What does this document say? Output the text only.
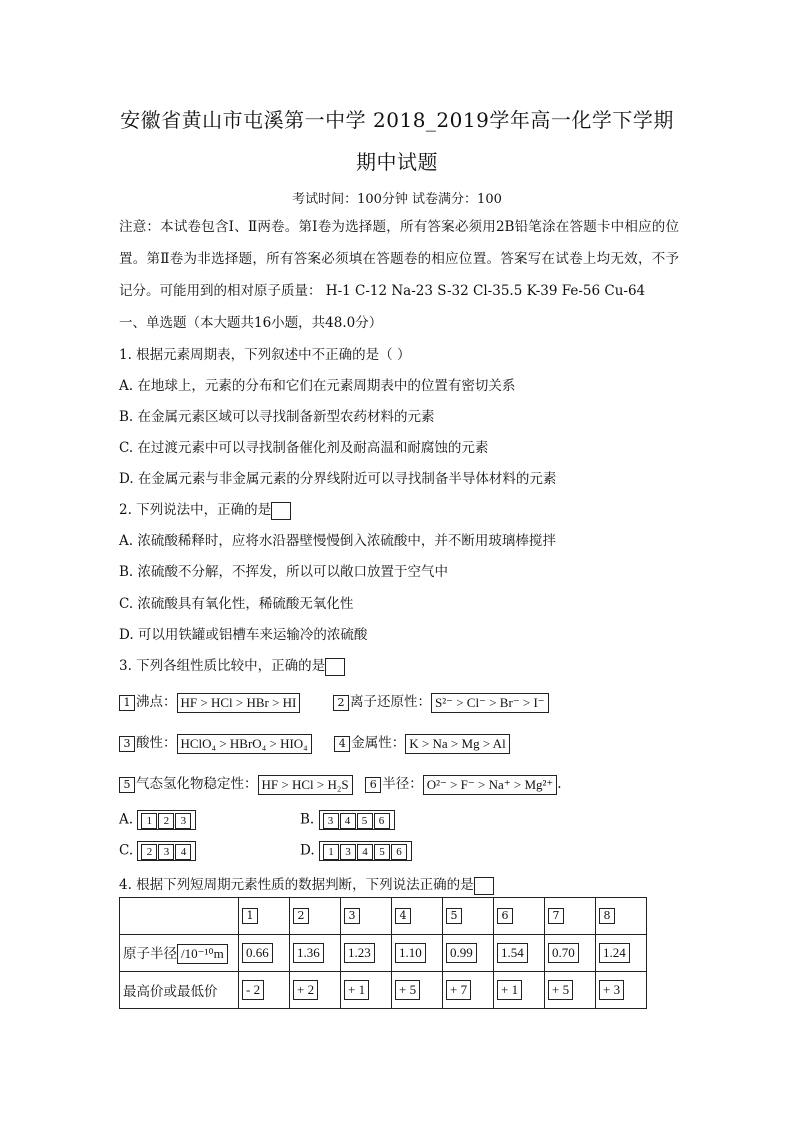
安徽省黄山市屯溪第一中学 2018_2019学年高一化学下学期
期中试题
考试时间：100分钟 试卷满分：100
注意：本试卷包含Ⅰ、Ⅱ两卷。第Ⅰ卷为选择题，所有答案必须用2B铅笔涂在答题卡中相应的位置。第Ⅱ卷为非选择题，所有答案必须填在答题卷的相应位置。答案写在试卷上均无效，不予记分。可能用到的相对原子质量： H-1 C-12 Na-23 S-32 Cl-35.5 K-39 Fe-56 Cu-64
一、单选题（本大题共16小题，共48.0分）
1. 根据元素周期表，下列叙述中不正确的是（ ）
A. 在地球上，元素的分布和它们在元素周期表中的位置有密切关系
B. 在金属元素区域可以寻找制备新型农药材料的元素
C. 在过渡元素中可以寻找制备催化剂及耐高温和耐腐蚀的元素
D. 在金属元素与非金属元素的分界线附近可以寻找制备半导体材料的元素
2. 下列说法中，正确的是
A. 浓硫酸稀释时，应将水沿器壁慢慢倒入浓硫酸中，并不断用玻璃棒搅拌
B. 浓硫酸不分解，不挥发，所以可以敞口放置于空气中
C. 浓硫酸具有氧化性，稀硫酸无氧化性
D. 可以用铁罐或铝槽车来运输冷的浓硫酸
3. 下列各组性质比较中，正确的是
1 沸点： HF > HCl > HBr > HI	2 离子还原性： S²⁻ > Cl⁻ > Br⁻ > I⁻
3 酸性： HClO₄ > HBrO₄ > HIO₄	4 金属性： K > Na > Mg > Al
5 气态氢化物稳定性： HF > HCl > H₂S 6 半径： O²⁻ > F⁻ > Na⁺ > Mg²⁺ .
A. 1 2 3	B. 3 4 5 6
C. 2 3 4	D. 1 3 4 5 6
4. 根据下列短周期元素性质的数据判断，下列说法正确的是
	1	2	3	4	5	6	7	8
原子半径 /10⁻¹⁰m	0.66	1.36	1.23	1.10	0.99	1.54	0.70	1.24
最高价或最低价	- 2	+ 2	+ 1	+ 5	+ 7	+ 1	+ 5	+ 3
